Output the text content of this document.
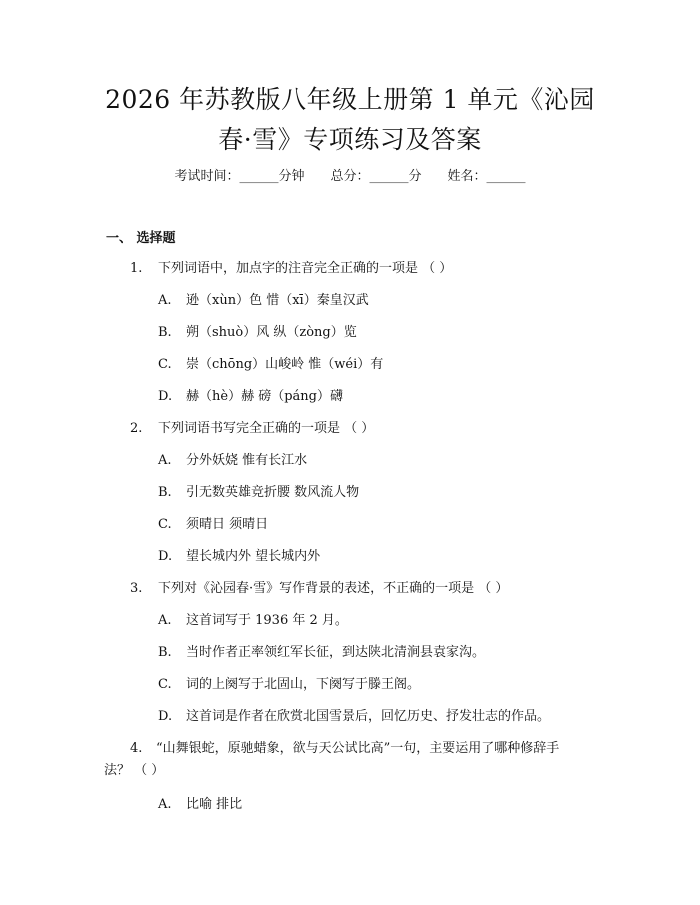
2026 年苏教版八年级上册第 1 单元《沁园
春·雪》专项练习及答案
考试时间：______分钟 总分：______分 姓名：______
一、 选择题
1. 下列词语中，加点字的注音完全正确的一项是 （ ）
A. 逊（xùn）色 惜（xī）秦皇汉武
B. 朔（shuò）风 纵（zòng）览
C. 崇（chōng）山峻岭 惟（wéi）有
D. 赫（hè）赫 磅（páng）礴
2. 下列词语书写完全正确的一项是 （ ）
A. 分外妖娆 惟有长江水
B. 引无数英雄竞折腰 数风流人物
C. 须晴日 须晴日
D. 望长城内外 望长城内外
3. 下列对《沁园春·雪》写作背景的表述，不正确的一项是 （ ）
A. 这首词写于 1936 年 2 月。
B. 当时作者正率领红军长征，到达陕北清涧县袁家沟。
C. 词的上阕写于北固山，下阕写于滕王阁。
D. 这首词是作者在欣赏北国雪景后，回忆历史、抒发壮志的作品。
4. “山舞银蛇，原驰蜡象，欲与天公试比高”一句，主要运用了哪种修辞手
法？ （ ）
A. 比喻 排比
